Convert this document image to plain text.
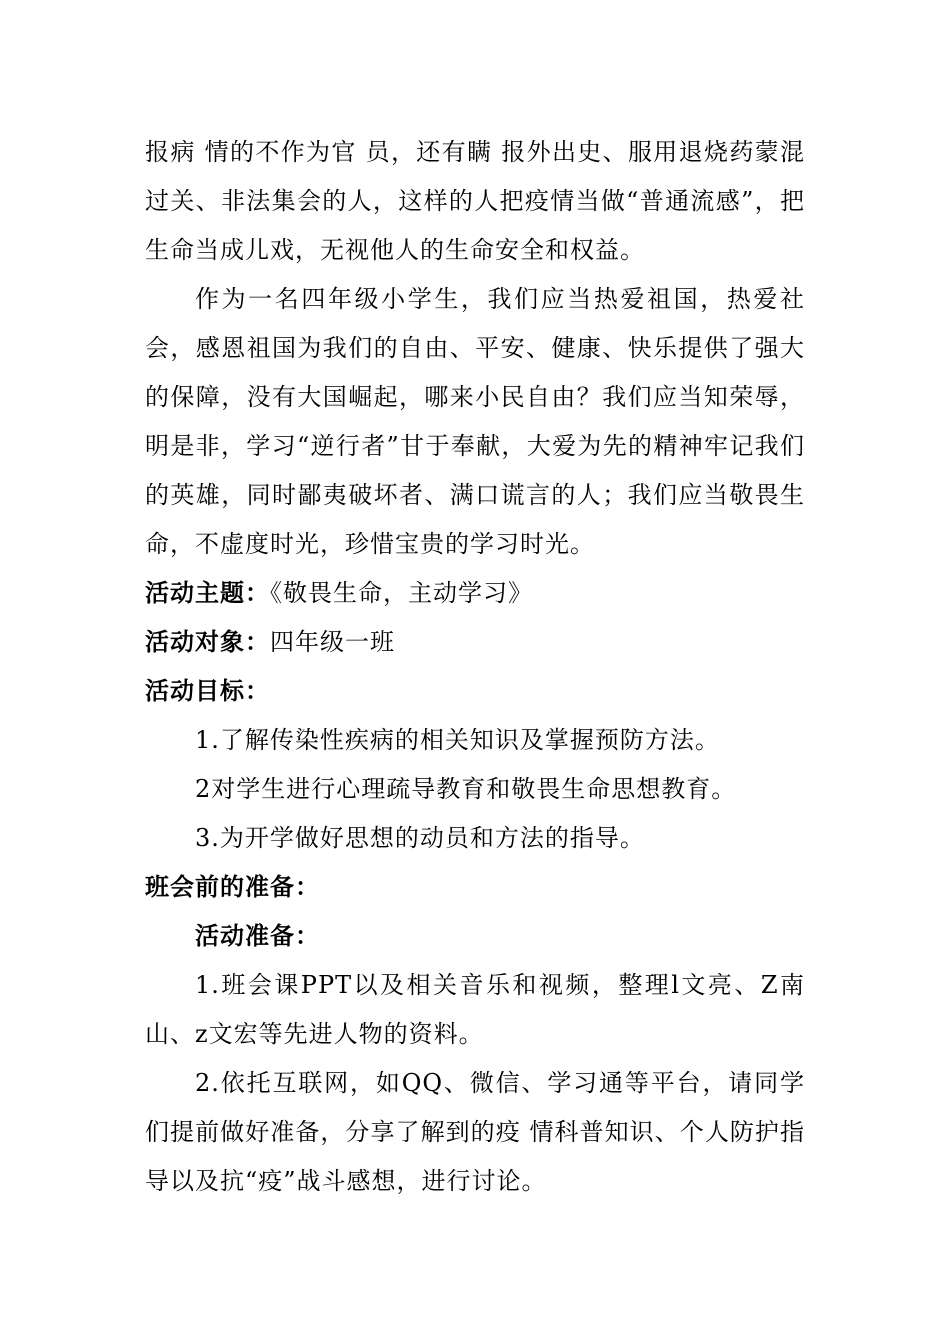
报病 情的不作为官 员，还有瞒 报外出史、服用退烧药蒙混过关、非法集会的人，这样的人把疫情当做“普通流感”，把生命当成儿戏，无视他人的生命安全和权益。

作为一名四年级小学生，我们应当热爱祖国，热爱社会，感恩祖国为我们的自由、平安、健康、快乐提供了强大的保障，没有大国崛起，哪来小民自由？我们应当知荣辱，明是非，学习“逆行者”甘于奉献，大爱为先的精神牢记我们的英雄，同时鄙夷破坏者、满口谎言的人；我们应当敬畏生命，不虚度时光，珍惜宝贵的学习时光。

活动主题：《敬畏生命，主动学习》

活动对象：四年级一班

活动目标：

1.了解传染性疾病的相关知识及掌握预防方法。

2对学生进行心理疏导教育和敬畏生命思想教育。

3.为开学做好思想的动员和方法的指导。

班会前的准备：

活动准备：

1.班会课PPT以及相关音乐和视频，整理l文亮、Z南山、z文宏等先进人物的资料。

2.依托互联网，如QQ、微信、学习通等平台，请同学们提前做好准备，分享了解到的疫 情科普知识、个人防护指导以及抗“疫”战斗感想，进行讨论。
